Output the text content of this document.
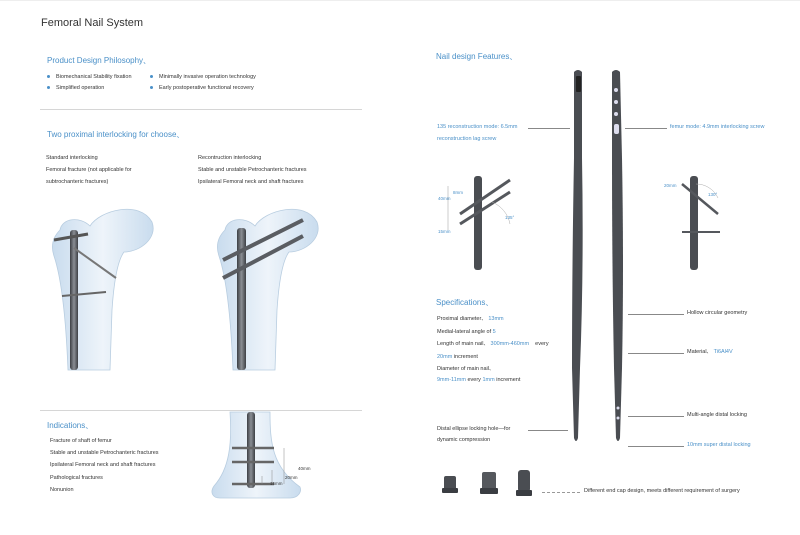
Femoral Nail System
Product Design Philosophy、
Biomechanical Stability fixation
Simplified operation
Minimally invasive operation technology
Early postoperative functional recovery
Two proximal interlocking for choose、
Standard interlocking
Femoral fracture (not applicable for
subtrochanteric fractures)
Recontruction interlocking
Stable and unstable Petrochanteric fractures
Ipsilateral Femoral neck and shaft fractures
Indications、
Fracture of shaft of femur
Stable and unstable Petrochanteric fractures
Ipsilateral Femoral neck and shaft fractures
Pathological fractures
Nonunion
40mm
20mm
15mm
Nail design Features、
135 reconstruction mode: 6.5mm
reconstruction lag screw
femur mode: 4.9mm interlocking screw
8mm
40mm
15mm
135°
20mm
130°
Specifications、
Proximal diameter、 13mm
Medial-lateral angle of 5
Length of main nail、 300mm-460mm every
20mm increment
Diameter of main nail、
9mm-11mm every 1mm increment
Hollow circular geometry
Material、 Ti6Al4V
Multi-angle distal locking
10mm super distal locking
Distal ellipse locking hole—for
dynamic compression
Different end cap design, meets different requirement of surgery
